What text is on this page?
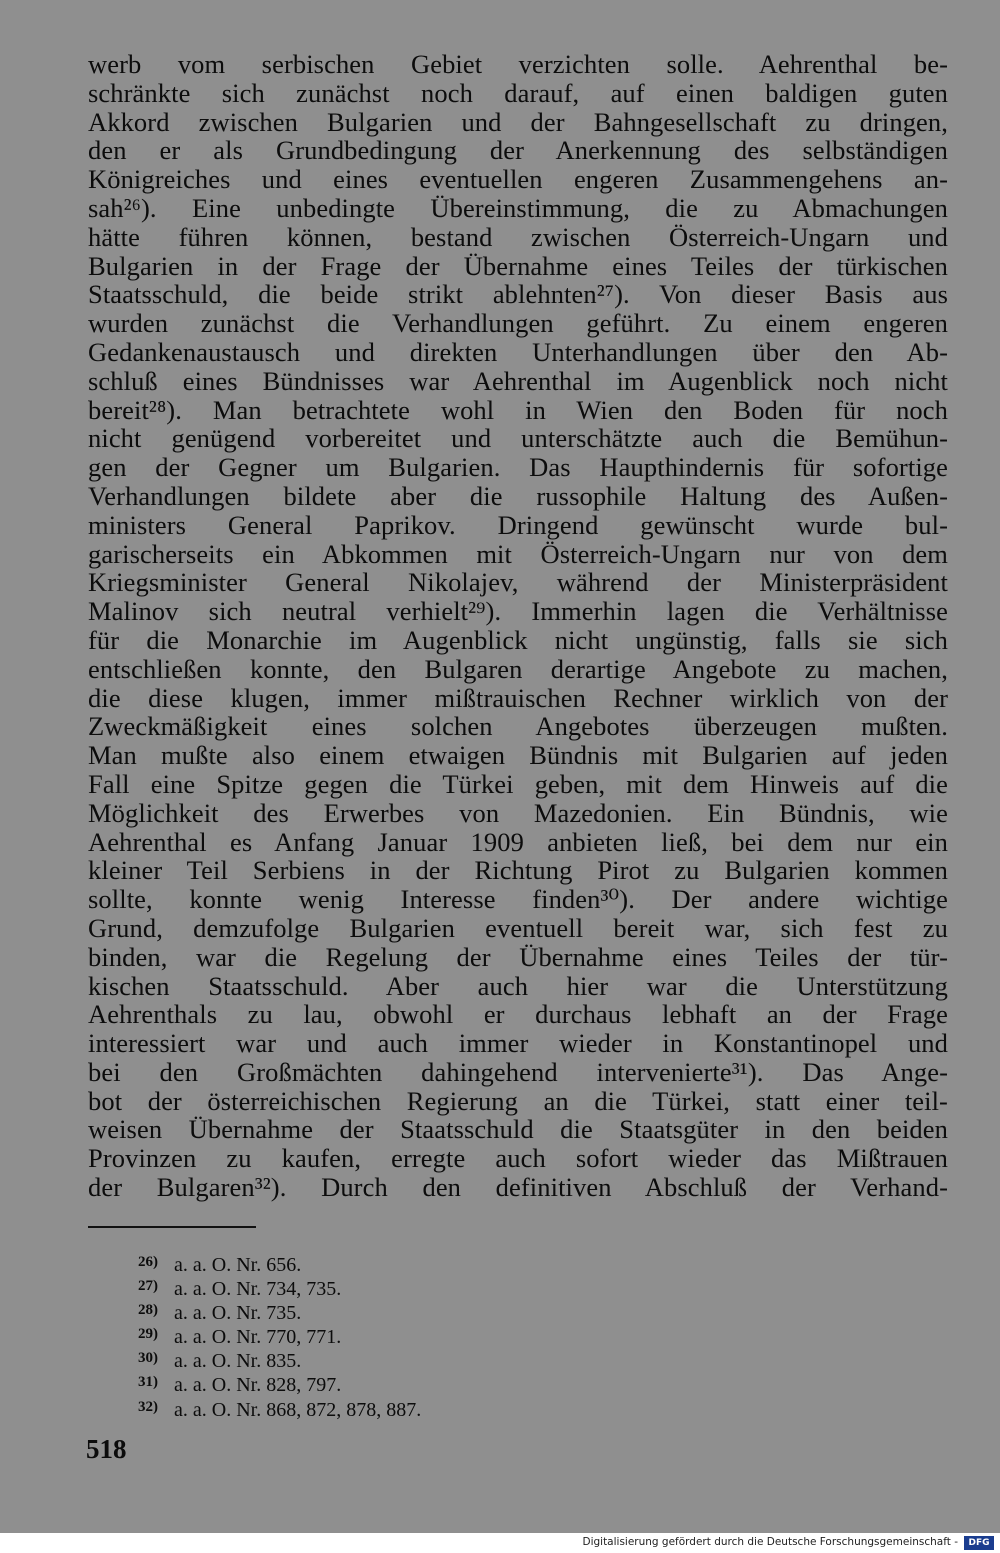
werb vom serbischen Gebiet verzichten solle. Aehrenthal be-
schränkte sich zunächst noch darauf, auf einen baldigen guten
Akkord zwischen Bulgarien und der Bahngesellschaft zu dringen,
den er als Grundbedingung der Anerkennung des selbständigen
Königreiches und eines eventuellen engeren Zusammengehens an-
sah²⁶). Eine unbedingte Übereinstimmung, die zu Abmachungen
hätte führen können, bestand zwischen Österreich-Ungarn und
Bulgarien in der Frage der Übernahme eines Teiles der türkischen
Staatsschuld, die beide strikt ablehnten²⁷). Von dieser Basis aus
wurden zunächst die Verhandlungen geführt. Zu einem engeren
Gedankenaustausch und direkten Unterhandlungen über den Ab-
schluß eines Bündnisses war Aehrenthal im Augenblick noch nicht
bereit²⁸). Man betrachtete wohl in Wien den Boden für noch
nicht genügend vorbereitet und unterschätzte auch die Bemühun-
gen der Gegner um Bulgarien. Das Haupthindernis für sofortige
Verhandlungen bildete aber die russophile Haltung des Außen-
ministers General Paprikov. Dringend gewünscht wurde bul-
garischerseits ein Abkommen mit Österreich-Ungarn nur von dem
Kriegsminister General Nikolajev, während der Ministerpräsident
Malinov sich neutral verhielt²⁹). Immerhin lagen die Verhältnisse
für die Monarchie im Augenblick nicht ungünstig, falls sie sich
entschließen konnte, den Bulgaren derartige Angebote zu machen,
die diese klugen, immer mißtrauischen Rechner wirklich von der
Zweckmäßigkeit eines solchen Angebotes überzeugen mußten.
Man mußte also einem etwaigen Bündnis mit Bulgarien auf jeden
Fall eine Spitze gegen die Türkei geben, mit dem Hinweis auf die
Möglichkeit des Erwerbes von Mazedonien. Ein Bündnis, wie
Aehrenthal es Anfang Januar 1909 anbieten ließ, bei dem nur ein
kleiner Teil Serbiens in der Richtung Pirot zu Bulgarien kommen
sollte, konnte wenig Interesse finden³⁰). Der andere wichtige
Grund, demzufolge Bulgarien eventuell bereit war, sich fest zu
binden, war die Regelung der Übernahme eines Teiles der tür-
kischen Staatsschuld. Aber auch hier war die Unterstützung
Aehrenthals zu lau, obwohl er durchaus lebhaft an der Frage
interessiert war und auch immer wieder in Konstantinopel und
bei den Großmächten dahingehend intervenierte³¹). Das Ange-
bot der österreichischen Regierung an die Türkei, statt einer teil-
weisen Übernahme der Staatsschuld die Staatsgüter in den beiden
Provinzen zu kaufen, erregte auch sofort wieder das Mißtrauen
der Bulgaren³²). Durch den definitiven Abschluß der Verhand-
26) a. a. O. Nr. 656.
27) a. a. O. Nr. 734, 735.
28) a. a. O. Nr. 735.
29) a. a. O. Nr. 770, 771.
30) a. a. O. Nr. 835.
31) a. a. O. Nr. 828, 797.
32) a. a. O. Nr. 868, 872, 878, 887.
518
Digitalisierung gefördert durch die Deutsche Forschungsgemeinschaft -	DFG
